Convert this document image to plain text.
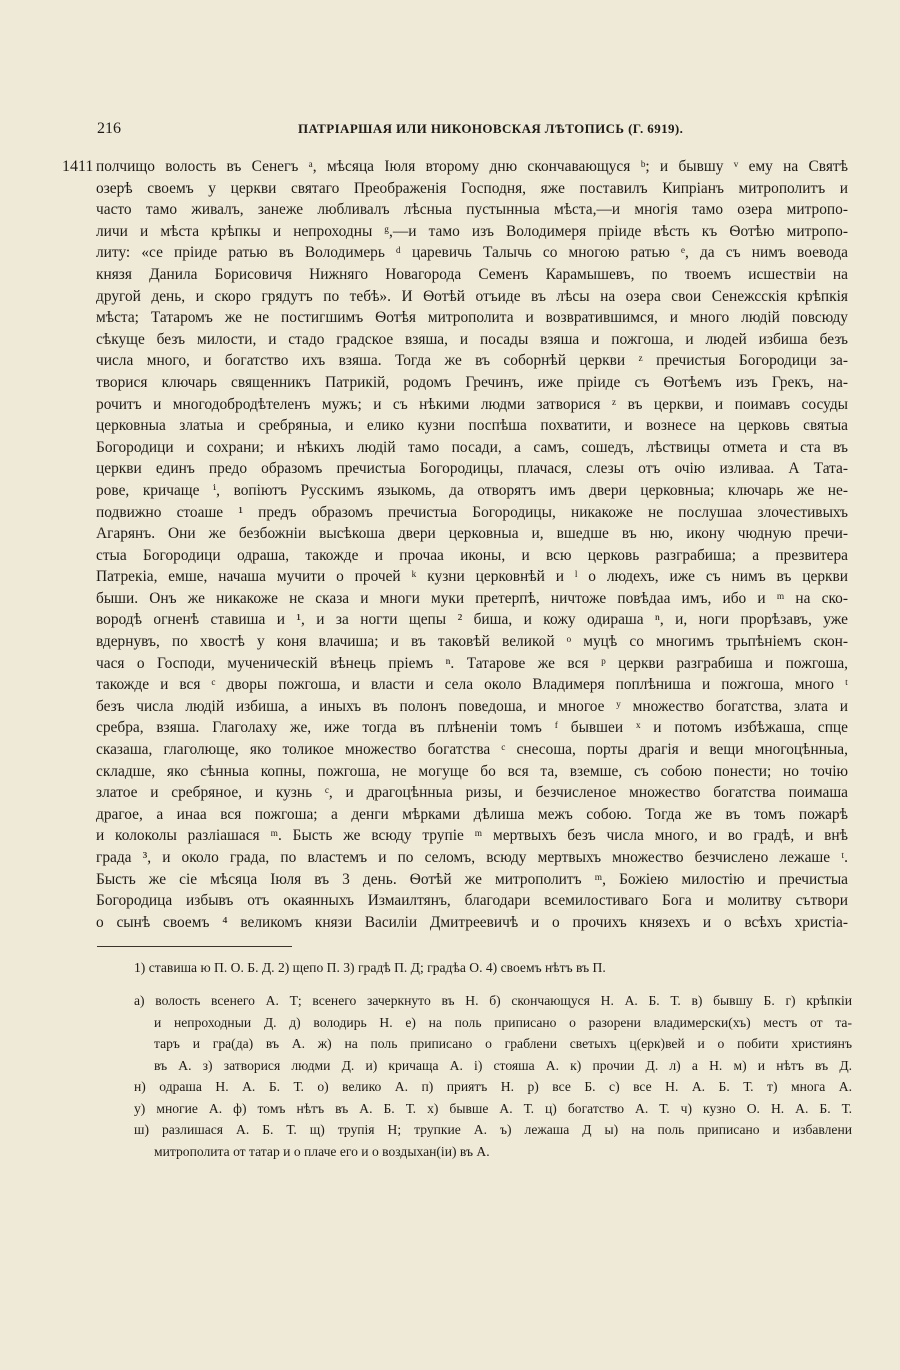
216	ПАТРІАРШАЯ ИЛИ НИКОНОВСКАЯ ЛѢТОПИСЬ (Г. 6919).
1411 полчищо волость въ Сенегъ ᵃ, мѣсяца Іюля второму дню скончавающуся ᵇ; и бывшу ᵛ ему на Святѣ
озерѣ своемъ у церкви святаго Преображенія Господня, яже поставилъ Кипріанъ митрополитъ и
часто тамо живалъ, занеже любливалъ лѣсныа пустынныа мѣста,—и многія тамо озера митропо-
личи и мѣста крѣпкы и непроходны ᵍ,—и тамо изъ Володимеря пріиде вѣсть къ Ѳотѣю митропо-
литу: «се пріиде ратью въ Володимерь ᵈ царевичь Талычь со многою ратью ᵉ, да съ нимъ воевода
князя Данила Борисовичя Нижняго Новагорода Семенъ Карамышевъ, по твоемъ исшествіи на
другой день, и скоро грядутъ по тебѣ». И Ѳотѣй отъиде въ лѣсы на озера свои Сенежсскія крѣпкія
мѣста; Татаромъ же не постигшимъ Ѳотѣя митрополита и возвратившимся, и много людій повсюду
сѣкуще безъ милости, и стадо градское взяша, и посады взяша и пожгоша, и людей избиша безъ
числа много, и богатство ихъ взяша. Тогда же въ соборнѣй церкви ᶻ пречистыя Богородици за-
творися ключарь священникъ Патрикій, родомъ Гречинъ, иже пріиде съ Ѳотѣемъ изъ Грекъ, на-
рочитъ и многодобродѣтеленъ мужъ; и съ нѣкими людми затворися ᶻ въ церкви, и поимавъ сосуды
церковныа златыа и сребряныа, и елико кузни поспѣша похватити, и вознесе на церковь святыа
Богородици и сохрани; и нѣкихъ людій тамо посади, а самъ, сошедъ, лѣствицы отмета и ста въ
церкви единъ предо образомъ пречистыа Богородицы, плачася, слезы отъ очію изливаа. А Тата-
рове, кричаще ⁱ, вопіютъ Русскимъ языкомь, да отворятъ имъ двери церковныа; ключарь же не-
подвижно стоаше ¹ предъ образомъ пречистыа Богородицы, никакоже не послушаа злочестивыхъ
Агарянъ. Они же безбожніи высѣкоша двери церковныа и, вшедше въ ню, икону чюдную пречи-
стыа Богородици одраша, такожде и прочаа иконы, и всю церковь разграбиша; а презвитера
Патрекіа, емше, начаша мучити о прочей ᵏ кузни церковнѣй и ˡ о людехъ, иже съ нимъ въ церкви
быши. Онъ же никакоже не сказа и многи муки претерпѣ, ничтоже повѣдаа имъ, ибо и ᵐ на ско-
вородѣ огненѣ ставиша и ¹, и за ногти щепы ² биша, и кожу одираша ⁿ, и, ноги прорѣзавъ, уже
вдернувъ, по хвостѣ у коня влачиша; и въ таковѣй великой ᵒ муцѣ со многимъ трьпѣніемъ скон-
чася о Господи, мученическій вѣнець пріемъ ⁿ. Татарове же вся ᵖ церкви разграбиша и пожгоша,
такожде и вся ᶜ дворы пожгоша, и власти и села около Владимеря поплѣниша и пожгоша, много ᵗ
безъ числа людій избиша, а иныхъ въ полонъ поведоша, и многое ʸ множество богатства, злата и
сребра, взяша. Глаголаху же, иже тогда въ плѣненіи томъ ᶠ бывшеи ˣ и потомъ избѣжаша, спце
сказаша, глаголюще, яко толикое множество богатства ᶜ снесоша, порты драгія и вещи многоцѣнныа,
складше, яко сѣнныа копны, пожгоша, не могуще бо вся та, вземше, съ собою понести; но точію
златое и сребряное, и кузнь ᶜ, и драгоцѣнныа ризы, и безчисленое множество богатства поимаша
драгое, а инаа вся пожгоша; а денги мѣрками дѣлиша межъ собою. Тогда же въ томъ пожарѣ
и колоколы разліашася ᵐ. Бысть же всюду трупіе ᵐ мертвыхъ безъ числа много, и во градѣ, и внѣ
града ³, и около града, по властемъ и по селомъ, всюду мертвыхъ множество безчислено лежаше ᵗ.
Бысть же сіе мѣсяца Іюля въ 3 день. Ѳотѣй же митрополитъ ᵐ, Божіею милостію и пречистыа
Богородица избывъ отъ окаянныхъ Измаилтянъ, благодари всемилостиваго Бога и молитву сътвори
о сынѣ своемъ ⁴ великомъ князи Василіи Дмитреевичѣ и о прочихъ князехъ и о всѣхъ христіа-
1) ставиша ю П. О. Б. Д. 2) щепо П. 3) градѣ П. Д; градѣа О. 4) своемъ нѣтъ въ П.
а) волость всенего А. Т; всенего зачеркнуто въ Н. б) скончающуся Н. А. Б. Т. в) бывшу Б. г) крѣпкіи
и непроходныи Д. д) володирь Н. е) на поль приписано о разорени владимерски(хъ) местъ от та-
таръ и гра(да) въ А. ж) на поль приписано о граблени светыхъ ц(ерк)вей и о побити християнъ
въ А. з) затворися людми Д. и) кричаща А. і) стояша А. к) прочии Д. л) а Н. м) и нѣтъ въ Д.
н) одраша Н. А. Б. Т. о) велико А. п) приятъ Н. р) все Б. с) все Н. А. Б. Т. т) многа А.
у) многие А. ф) томъ нѣтъ въ А. Б. Т. х) бывше А. Т. ц) богатство А. Т. ч) кузно О. Н. А. Б. Т.
ш) разлишася А. Б. Т. щ) трупія Н; трупкие А. ъ) лежаша Д ы) на поль приписано и избавлени
митрополита от татар и о плаче его и о воздыхан(іи) въ А.
